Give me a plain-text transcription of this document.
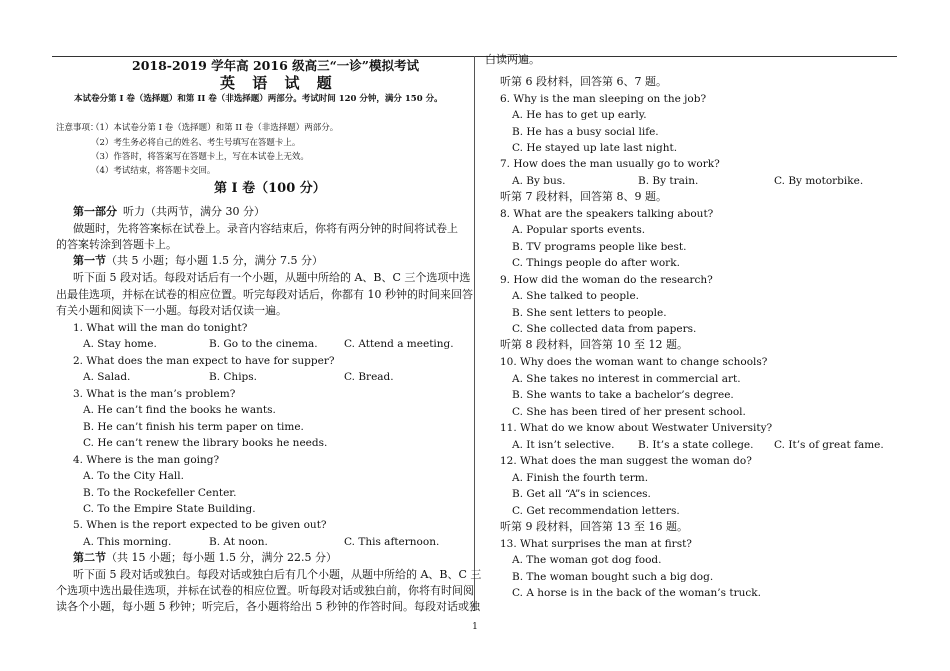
2018-2019 学年高 2016 级高三“一诊”模拟考试
英 语 试 题
本试卷分第 I 卷（选择题）和第 II 卷（非选择题）两部分。考试时间 120 分钟，满分 150 分。
注意事项：
（1）本试卷分第 I 卷（选择题）和第 II 卷（非选择题）两部分。
（2）考生务必将自己的姓名、考生号填写在答题卡上。
（3）作答时，将答案写在答题卡上，写在本试卷上无效。
（4）考试结束，将答题卡交回。
第 I 卷（100 分）
第一部分 听力（共两节，满分 30 分）
做题时，先将答案标在试卷上。录音内容结束后，你将有两分钟的时间将试卷上
的答案转涂到答题卡上。
第一节 （共 5 小题；每小题 1.5 分，满分 7.5 分）
听下面 5 段对话。每段对话后有一个小题，从题中所给的 A、B、C 三个选项中选
出最佳选项，并标在试卷的相应位置。听完每段对话后，你都有 10 秒钟的时间来回答
有关小题和阅读下一小题。每段对话仅读一遍。
1. What will the man do tonight?
A. Stay home.	B. Go to the cinema.	C. Attend a meeting.
2. What does the man expect to have for supper?
A. Salad.	B. Chips.	C. Bread.
3. What is the man’s problem?
A. He can’t find the books he wants.
B. He can’t finish his term paper on time.
C. He can’t renew the library books he needs.
4. Where is the man going?
A. To the City Hall.
B. To the Rockefeller Center.
C. To the Empire State Building.
5. When is the report expected to be given out?
A. This morning.	B. At noon.	C. This afternoon.
第二节 （共 15 小题；每小题 1.5 分，满分 22.5 分）
听下面 5 段对话或独白。每段对话或独白后有几个小题，从题中所给的 A、B、C 三
个选项中选出最佳选项，并标在试卷的相应位置。听每段对话或独白前，你将有时间阅
读各个小题，每小题 5 秒钟；听完后，各小题将给出 5 秒钟的作答时间。每段对话或独
白读两遍。
听第 6 段材料，回答第 6、7 题。
6. Why is the man sleeping on the job?
A. He has to get up early.
B. He has a busy social life.
C. He stayed up late last night.
7. How does the man usually go to work?
A. By bus.	B. By train.	C. By motorbike.
听第 7 段材料，回答第 8、9 题。
8. What are the speakers talking about?
A. Popular sports events.
B. TV programs people like best.
C. Things people do after work.
9. How did the woman do the research?
A. She talked to people.
B. She sent letters to people.
C. She collected data from papers.
听第 8 段材料，回答第 10 至 12 题。
10. Why does the woman want to change schools?
A. She takes no interest in commercial art.
B. She wants to take a bachelor’s degree.
C. She has been tired of her present school.
11. What do we know about Westwater University?
A. It isn’t selective. B. It’s a state college. C. It’s of great fame.
12. What does the man suggest the woman do?
A. Finish the fourth term.
B. Get all “A”s in sciences.
C. Get recommendation letters.
听第 9 段材料，回答第 13 至 16 题。
13. What surprises the man at first?
A. The woman got dog food.
B. The woman bought such a big dog.
C. A horse is in the back of the woman’s truck.
1
